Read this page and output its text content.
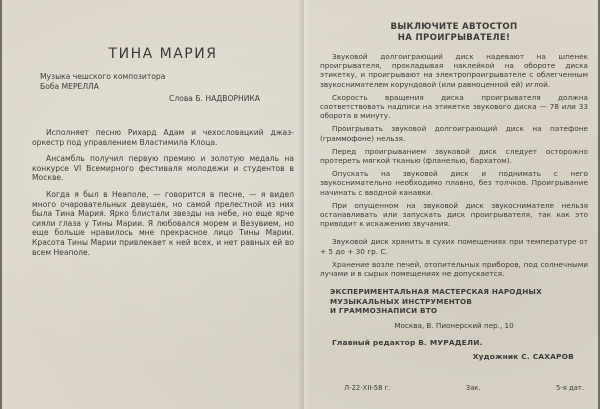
ТИНА МАРИЯ
Музыка чешского композитора
Боба МЕРЕЛЛА
Слова Б. НАДВОРНИКА

Исполняет песню Рихард Адам и чехословацкий джаз-оркестр под управлением Властимила Клоца.

Ансамбль получил первую премию и золотую медаль на конкурсе VI Всемирного фестиваля молодежи и студентов в Москве.

Когда я был в Неаполе, — говорится в песне, — я видел много очаровательных девушек, но самой прелестной из них была Тина Мария. Ярко блистали звезды на небе, но еще ярче сияли глаза у Тины Марии. Я любовался морем и Везувием, но еще больше нравилось мне прекрасное лицо Тины Марии. Красота Тины Марии привлекает к ней всех, и нет равных ей во всем Неаполе.

ВЫКЛЮЧИТЕ АВТОСТОП
НА ПРОИГРЫВАТЕЛЕ!

Звуковой долгоиграющий диск надевают на шпенек проигрывателя, прокладывая наклейкой на обороте диска этикетку, и проигрывают на электропроигрывателе с облегченным звукоснимателем корундовой (или равноценной ей) иглой.

Скорость вращения диска проигрывателя должна соответствовать надписи на этикетке звукового диска — 78 или 33 оборота в минуту.

Проигрывать звуковой долгоиграющий диск на патефоне (граммофоне) нельзя.

Перед проигрыванием звуковой диск следует осторожно протереть мягкой тканью (фланелью, бархатом).

Опускать на звуковой диск и поднимать с него звукоснимательно необходимо плавно, без толчков. Проигрывание начинать с вводной канавки.

При опущенном на звуковой диск звукоснимателе нельзя останавливать или запускать диск проигрывателя, так как это приводит к искажению звучания.

Звуковой диск хранить в сухих помещениях при температуре от + 5 до + 30 гр. С.

Хранение возле печей, отопительных приборов, под солнечными лучами и в сырых помещениях не допускается.

ЭКСПЕРИМЕНТАЛЬНАЯ МАСТЕРСКАЯ НАРОДНЫХ
МУЗЫКАЛЬНЫХ ИНСТРУМЕНТОВ
И ГРАММОЗНАПИСИ ВТО
Москва, В. Пионерский пер., 10
Главный редактор В. МУРАДЕЛИ.
Художник С. САХАРОВ
Л-22-XII-58 г.	Зак.	5-я дат.
